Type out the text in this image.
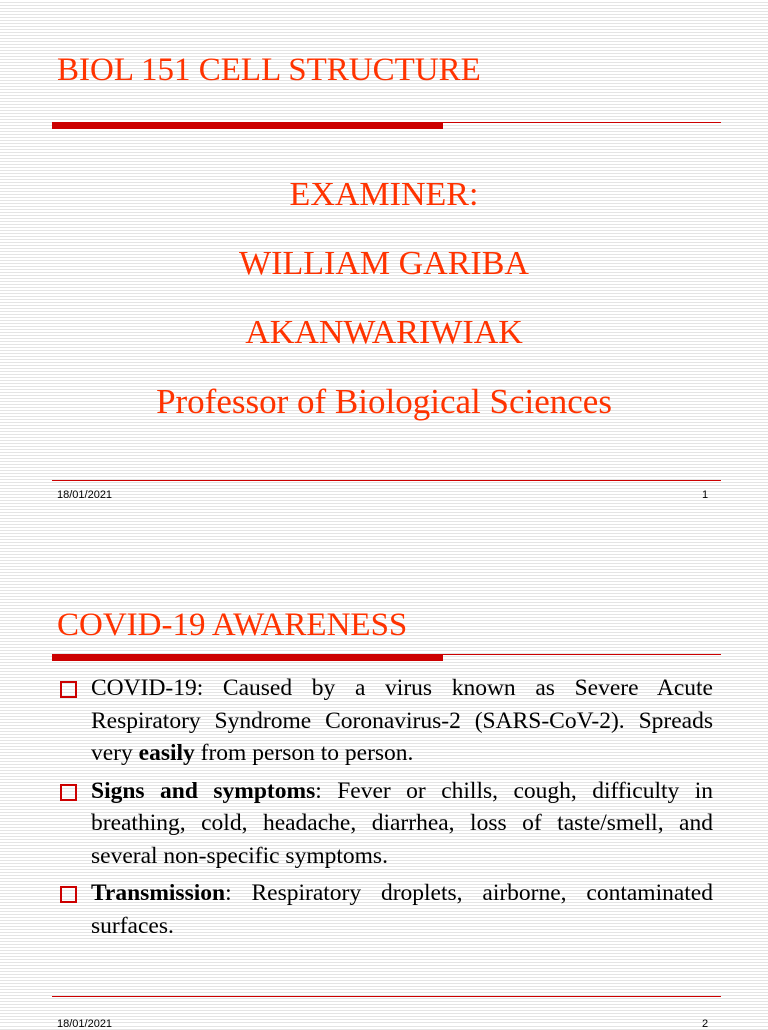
BIOL 151 CELL STRUCTURE
EXAMINER:
WILLIAM GARIBA
AKANWARIWIAK
Professor of Biological Sciences
18/01/2021	1
COVID-19 AWARENESS
COVID-19: Caused by a virus known as Severe Acute Respiratory Syndrome Coronavirus-2 (SARS-CoV-2). Spreads very easily from person to person.
Signs and symptoms: Fever or chills, cough, difficulty in breathing, cold, headache, diarrhea, loss of taste/smell, and several non-specific symptoms.
Transmission: Respiratory droplets, airborne, contaminated surfaces.
18/01/2021	2
